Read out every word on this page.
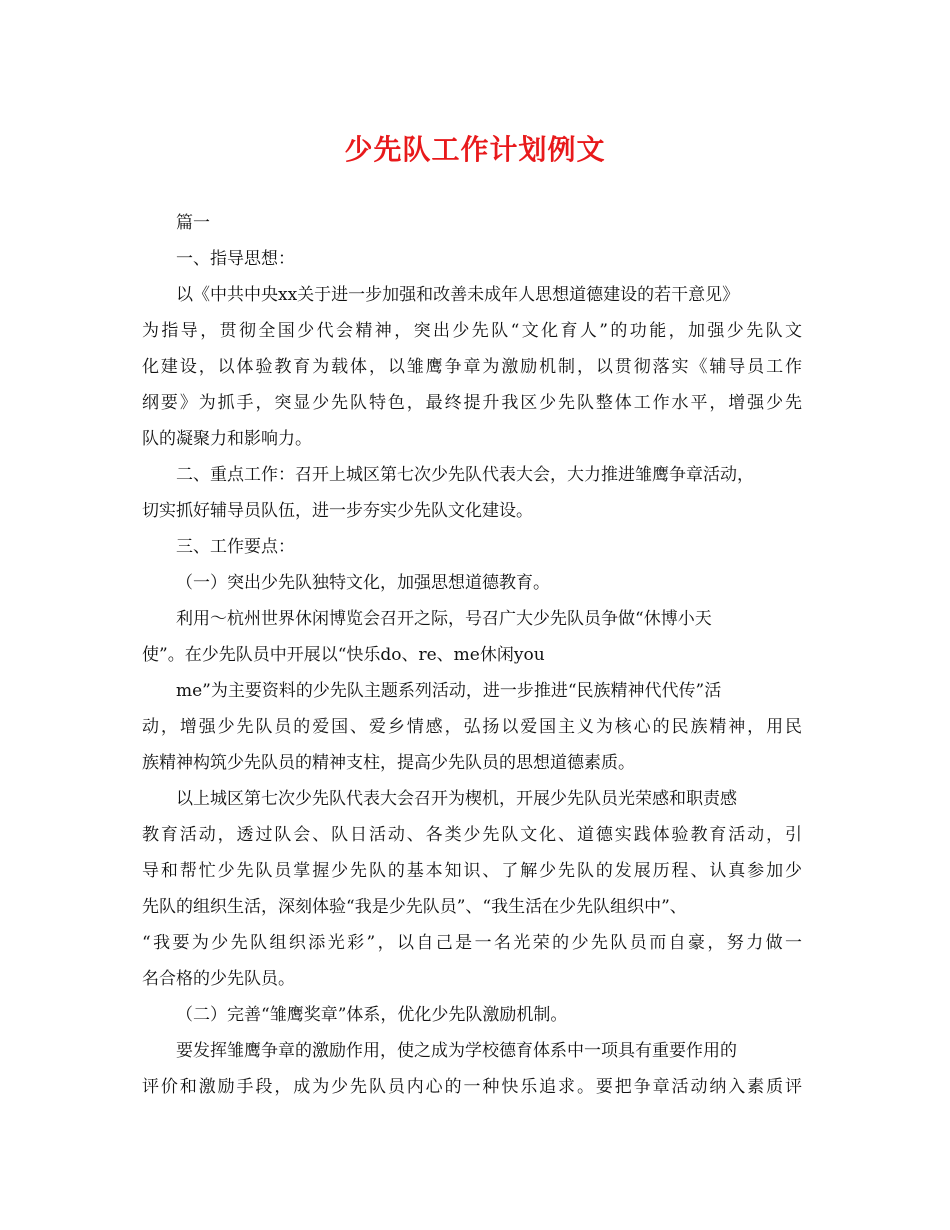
少先队工作计划例文

篇一

一、指导思想：

以《中共中央xx关于进一步加强和改善未成年人思想道德建设的若干意见》

为指导，贯彻全国少代会精神，突出少先队“文化育人”的功能，加强少先队文

化建设，以体验教育为载体，以雏鹰争章为激励机制，以贯彻落实《辅导员工作

纲要》为抓手，突显少先队特色，最终提升我区少先队整体工作水平，增强少先

队的凝聚力和影响力。

二、重点工作：召开上城区第七次少先队代表大会，大力推进雏鹰争章活动，

切实抓好辅导员队伍，进一步夯实少先队文化建设。

三、工作要点：

（一）突出少先队独特文化，加强思想道德教育。

利用～杭州世界休闲博览会召开之际，号召广大少先队员争做“休博小天

使”。在少先队员中开展以“快乐do、re、me休闲you

me”为主要资料的少先队主题系列活动，进一步推进“民族精神代代传”活

动，增强少先队员的爱国、爱乡情感，弘扬以爱国主义为核心的民族精神，用民

族精神构筑少先队员的精神支柱，提高少先队员的思想道德素质。

以上城区第七次少先队代表大会召开为楔机，开展少先队员光荣感和职责感

教育活动，透过队会、队日活动、各类少先队文化、道德实践体验教育活动，引

导和帮忙少先队员掌握少先队的基本知识、了解少先队的发展历程、认真参加少

先队的组织生活，深刻体验“我是少先队员”、“我生活在少先队组织中”、

“我要为少先队组织添光彩”，以自己是一名光荣的少先队员而自豪，努力做一

名合格的少先队员。

（二）完善“雏鹰奖章”体系，优化少先队激励机制。

要发挥雏鹰争章的激励作用，使之成为学校德育体系中一项具有重要作用的

评价和激励手段，成为少先队员内心的一种快乐追求。要把争章活动纳入素质评
